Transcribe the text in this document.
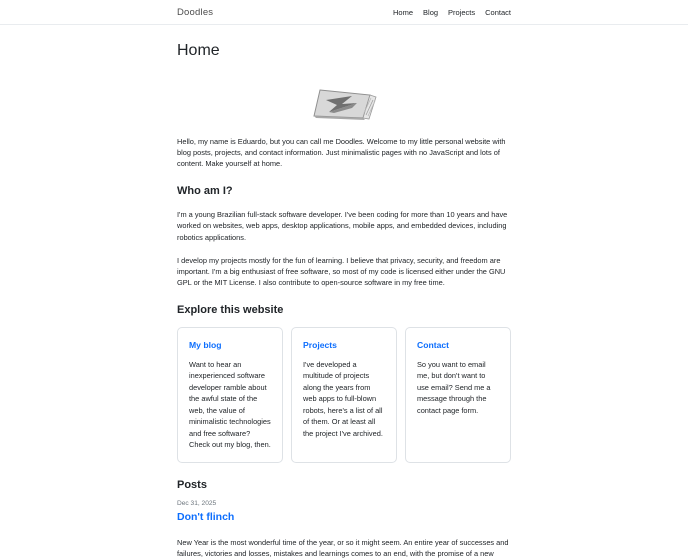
Doodles	Home Blog Projects Contact
Home

Hello, my name is Eduardo, but you can call me Doodles. Welcome to my little personal website with blog posts, projects, and contact information. Just minimalistic pages with no JavaScript and lots of content. Make yourself at home.

Who am I?

I'm a young Brazilian full-stack software developer. I've been coding for more than 10 years and have worked on websites, web apps, desktop applications, mobile apps, and embedded devices, including robotics applications.

I develop my projects mostly for the fun of learning. I believe that privacy, security, and freedom are important. I'm a big enthusiast of free software, so most of my code is licensed either under the GNU GPL or the MIT License. I also contribute to open-source software in my free time.

Explore this website
My blog

Want to hear an inexperienced software developer ramble about the awful state of the web, the value of minimalistic technologies and free software? Check out my blog, then.

Projects

I've developed a multitude of projects along the years from web apps to full-blown robots, here's a list of all of them. Or at least all the project I've archived.

Contact

So you want to email me, but don't want to use email? Send me a message through the contact page form.

Posts
Dec 31, 2025
Don't flinch

New Year is the most wonderful time of the year, or so it might seem. An entire year of successes and failures, victories and losses, mistakes and learnings comes to an end, with the promise of a new
